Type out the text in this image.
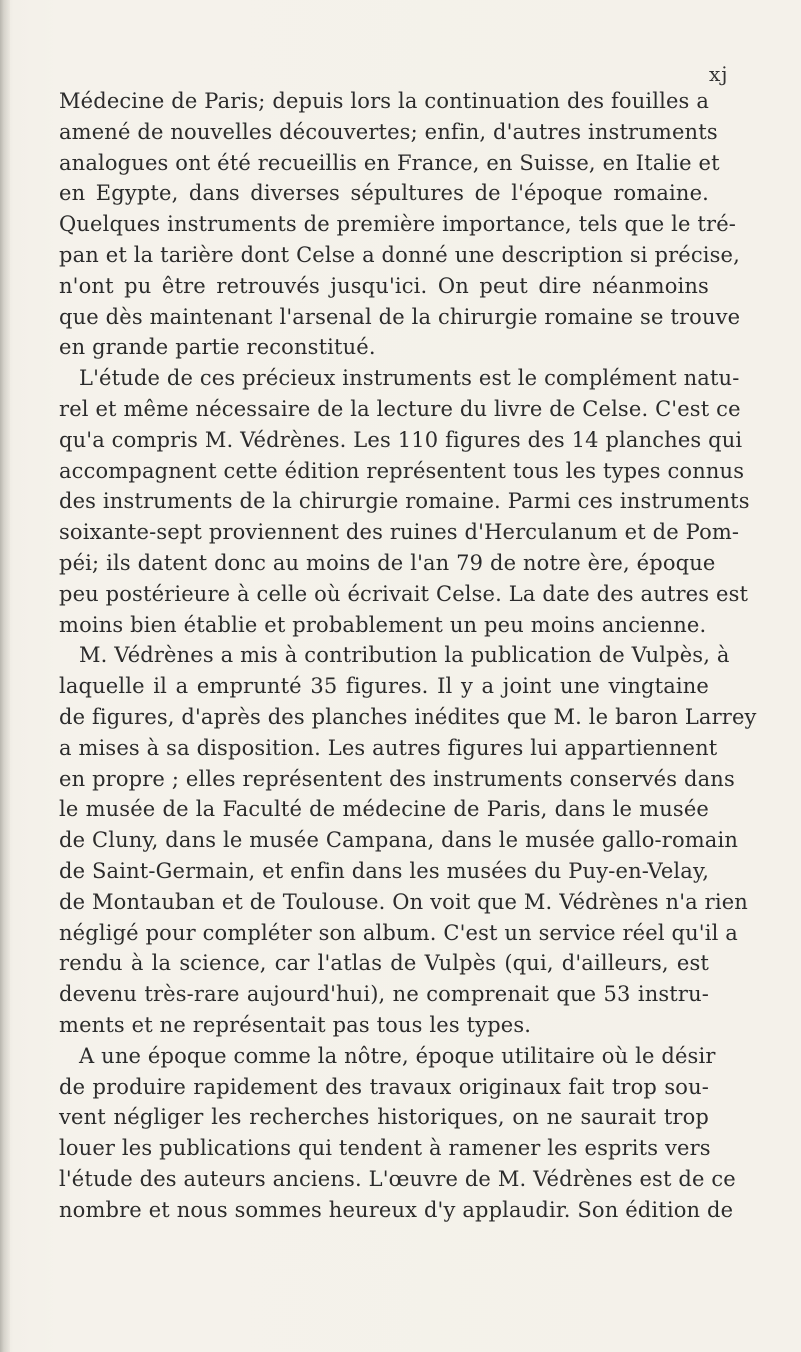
xj
Médecine de Paris; depuis lors la continuation des fouilles a
amené de nouvelles découvertes; enfin, d'autres instruments
analogues ont été recueillis en France, en Suisse, en Italie et
en Egypte, dans diverses sépultures de l'époque romaine.
Quelques instruments de première importance, tels que le tré-
pan et la tarière dont Celse a donné une description si précise,
n'ont pu être retrouvés jusqu'ici. On peut dire néanmoins
que dès maintenant l'arsenal de la chirurgie romaine se trouve
en grande partie reconstitué.
L'étude de ces précieux instruments est le complément natu-
rel et même nécessaire de la lecture du livre de Celse. C'est ce
qu'a compris M. Védrènes. Les 110 figures des 14 planches qui
accompagnent cette édition représentent tous les types connus
des instruments de la chirurgie romaine. Parmi ces instruments
soixante-sept proviennent des ruines d'Herculanum et de Pom-
péi; ils datent donc au moins de l'an 79 de notre ère, époque
peu postérieure à celle où écrivait Celse. La date des autres est
moins bien établie et probablement un peu moins ancienne.
M. Védrènes a mis à contribution la publication de Vulpès, à
laquelle il a emprunté 35 figures. Il y a joint une vingtaine
de figures, d'après des planches inédites que M. le baron Larrey
a mises à sa disposition. Les autres figures lui appartiennent
en propre ; elles représentent des instruments conservés dans
le musée de la Faculté de médecine de Paris, dans le musée
de Cluny, dans le musée Campana, dans le musée gallo-romain
de Saint-Germain, et enfin dans les musées du Puy-en-Velay,
de Montauban et de Toulouse. On voit que M. Védrènes n'a rien
négligé pour compléter son album. C'est un service réel qu'il a
rendu à la science, car l'atlas de Vulpès (qui, d'ailleurs, est
devenu très-rare aujourd'hui), ne comprenait que 53 instru-
ments et ne représentait pas tous les types.
A une époque comme la nôtre, époque utilitaire où le désir
de produire rapidement des travaux originaux fait trop sou-
vent négliger les recherches historiques, on ne saurait trop
louer les publications qui tendent à ramener les esprits vers
l'étude des auteurs anciens. L'œuvre de M. Védrènes est de ce
nombre et nous sommes heureux d'y applaudir. Son édition de
